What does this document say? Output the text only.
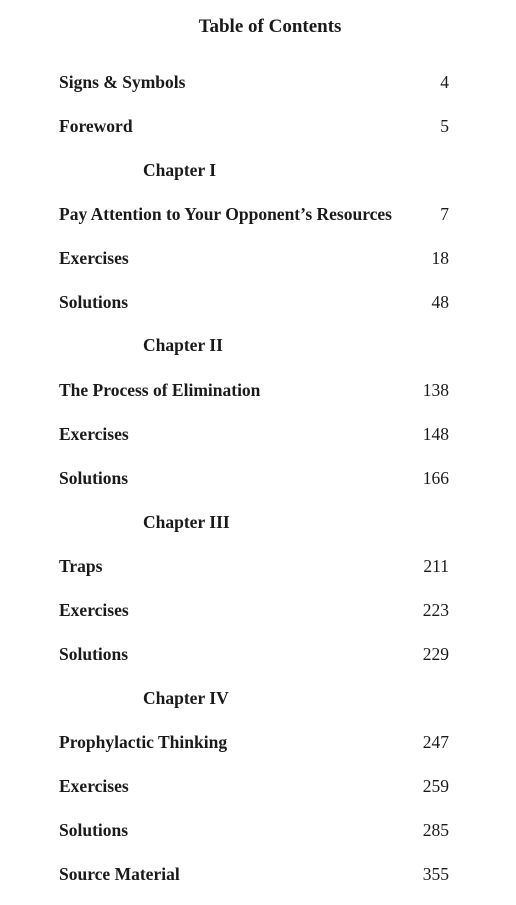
Table of Contents
Signs & Symbols	4
Foreword	5
Chapter I
Pay Attention to Your Opponent’s Resources	7
Exercises	18
Solutions	48
Chapter II
The Process of Elimination	138
Exercises	148
Solutions	166
Chapter III
Traps	211
Exercises	223
Solutions	229
Chapter IV
Prophylactic Thinking	247
Exercises	259
Solutions	285
Source Material	355
